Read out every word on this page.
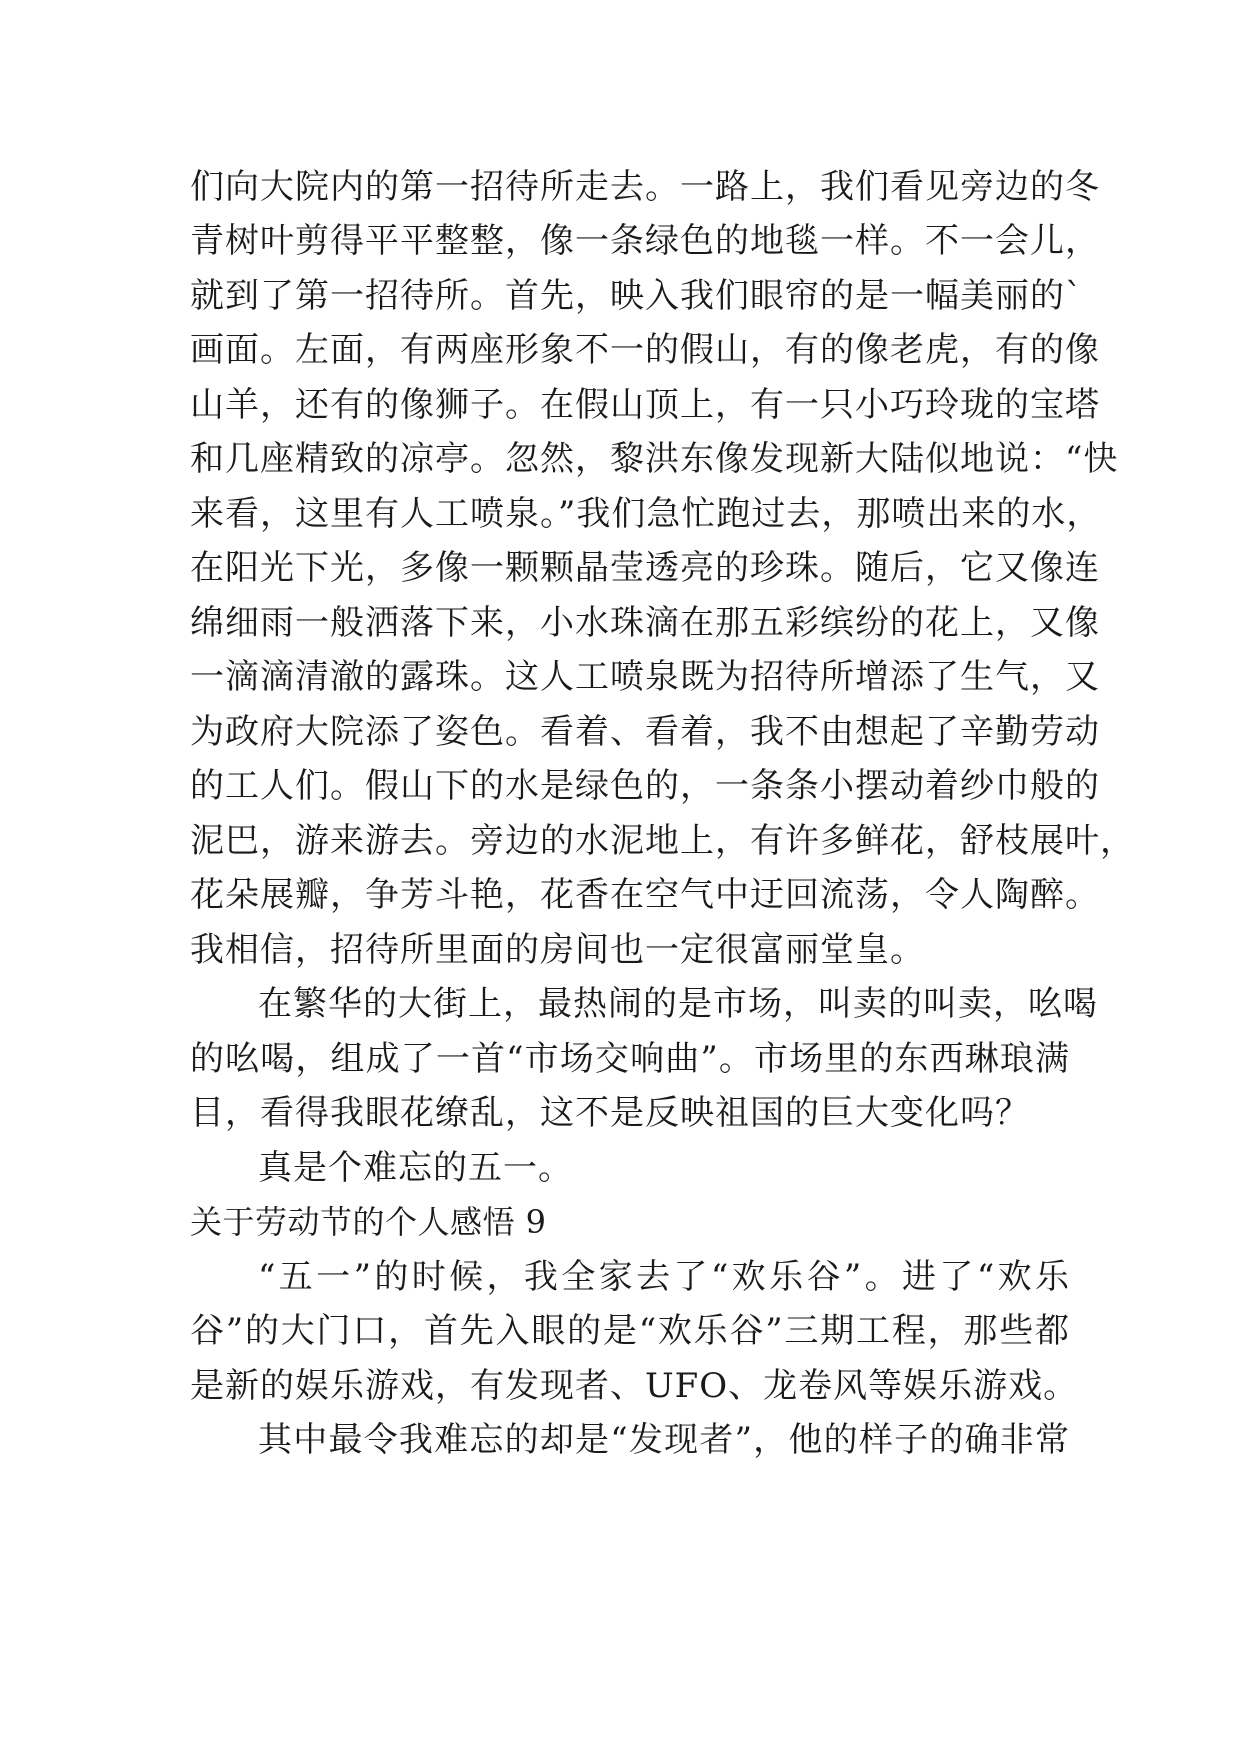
们向大院内的第一招待所走去。一路上，我们看见旁边的冬
青树叶剪得平平整整，像一条绿色的地毯一样。不一会儿，
就到了第一招待所。首先，映入我们眼帘的是一幅美丽的`
画面。左面，有两座形象不一的假山，有的像老虎，有的像
山羊，还有的像狮子。在假山顶上，有一只小巧玲珑的宝塔
和几座精致的凉亭。忽然，黎洪东像发现新大陆似地说：“快
来看，这里有人工喷泉。”我们急忙跑过去，那喷出来的水，
在阳光下光，多像一颗颗晶莹透亮的珍珠。随后，它又像连
绵细雨一般洒落下来，小水珠滴在那五彩缤纷的花上，又像
一滴滴清澈的露珠。这人工喷泉既为招待所增添了生气，又
为政府大院添了姿色。看着、看着，我不由想起了辛勤劳动
的工人们。假山下的水是绿色的，一条条小摆动着纱巾般的
泥巴，游来游去。旁边的水泥地上，有许多鲜花，舒枝展叶，
花朵展瓣，争芳斗艳，花香在空气中迂回流荡，令人陶醉。
我相信，招待所里面的房间也一定很富丽堂皇。
在繁华的大街上，最热闹的是市场，叫卖的叫卖，吆喝
的吆喝，组成了一首“市场交响曲”。市场里的东西琳琅满
目，看得我眼花缭乱，这不是反映祖国的巨大变化吗？
真是个难忘的五一。
关于劳动节的个人感悟 9
“五一”的时候，我全家去了“欢乐谷”。进了“欢乐
谷”的大门口，首先入眼的是“欢乐谷”三期工程，那些都
是新的娱乐游戏，有发现者、UFO、龙卷风等娱乐游戏。
其中最令我难忘的却是“发现者”，他的样子的确非常
